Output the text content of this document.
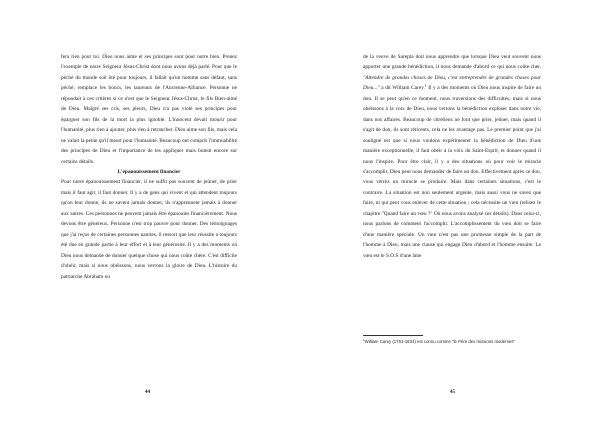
fera rien pour toi. Dieu nous aime et ses principes sont pour notre bien. Prenez l'exemple de notre Seigneur Jésus-Christ dont nous avons déjà parlé. Pour que le péché du monde soit ôté pour toujours, il fallait qu'un homme sans défaut, sans péché, remplace les boucs, les taureaux de l'Ancienne-Alliance. Personne ne répondait à ces critères si ce n'est que le Seigneur Jésus-Christ, le fils Bien-aimé de Dieu. Malgré ses cris, ses pleurs, Dieu n'a pas violé ses principes pour épargner son fils de la mort la plus ignoble. L'innocent devait mourir pour l'humanité, plus rien à ajouter, plus rien à retrancher. Dieu aime son fils, mais cela ne valait la peine qu'il meurt pour l'humanité. Beaucoup ont compris l'immuabilité des principes de Dieu et l'importance de les appliquer mais butent encore sur certains détails.

L'épanouissement financier

Pour notre épanouissement financier, il ne suffit pas souvent de jeûner, de prier mais il faut agir, il faut donner. Il y a de gens qui vivent et qui attendent toujours qu'on leur donne, ils ne savent jamais donner, ils n'apprennent jamais à donner aux autres. Ces personnes ne peuvent jamais être épanouies financièrement. Nous devons être généreux. Personne n'est trop pauvre pour donner. Des témoignages que j'ai reçus de certaines personnes nanties, il ressort que leur réussite a toujours été due en grande partie à leur effort et à leur générosité. Il y a des moments où Dieu nous demande de donner quelque chose qui nous coûte chère. C'est difficile d'obéir, mais si nous obéissons, nous verrons la gloire de Dieu. L'histoire du patriarche Abraham ou

44

de la veuve de Sarepta doit nous apprendre que lorsque Dieu veut souvent nous apporter une grande bénédiction, il nous demande d'abord ce qui nous coûte cher. "Attendre de grandes choses de Dieu, c'est entreprendre de grandes choses pour Dieu..." a dit William Carey.$^1$ Il y a des moments où Dieu nous inspire de faire un don. Il se peut qu'en ce moment, nous traversions des difficultés, mais si nous obéissons à la voix de Dieu, nous verrons la bénédiction exploser dans notre vie, dans nos affaires. Beaucoup de chrétiens ne font que prier, jeûner, mais quand il s'agit de don, ils sont réticents, cela ne les avantage pas. Le premier point que j'ai souligné est que si nous voulons expérimenter la bénédiction de Dieu d'une manière exceptionnelle, il faut obéir à la voix du Saint-Esprit, et donner quand il nous l'inspire. Pour être clair, il y a des situations où pour voir le miracle s'accomplir, Dieu peut nous demander de faire un don. Effectivement après ce don, vous verrez un miracle se produire. Mais dans certaines situations, c'est le contraire. La situation est non seulement urgente, mais aussi vous ne savez que faire, ni qui peut vous enlever de cette situation ; cela nécessite un vœu (relisez le chapitre "Quand faire un vœu ?" Où nous avons analysé ces détails). Dans celui-ci, nous parlons de comment l'accomplir. L'accomplissement du vœu doit se faire d'une manière spéciale. Un vœu n'est pas une promesse simple de la part de l'homme à Dieu, mais une clause qui engage Dieu d'abord et l'homme ensuite. Le vœu est le S.O.S d'une âme

$^1$William Carey (1761-1834) est connu comme "le Père des missions modernes"
45
